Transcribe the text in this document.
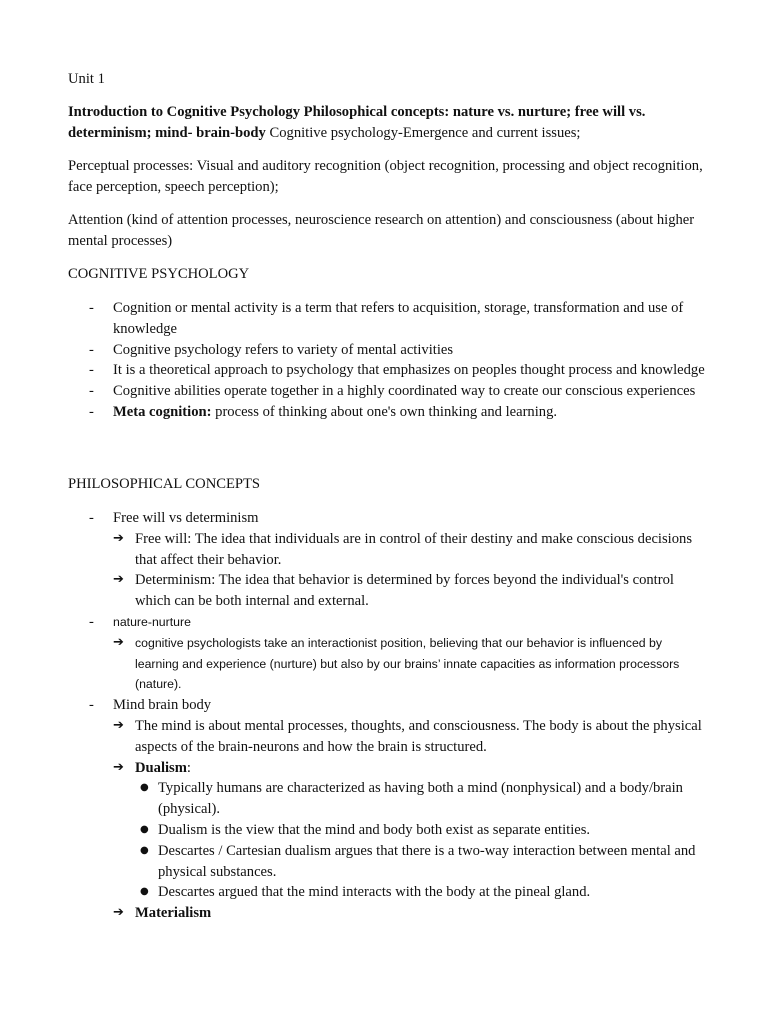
Unit 1

Introduction to Cognitive Psychology Philosophical concepts: nature vs. nurture; free will vs. determinism; mind- brain-body Cognitive psychology-Emergence and current issues;

Perceptual processes: Visual and auditory recognition (object recognition, processing and object recognition, face perception, speech perception);

Attention (kind of attention processes, neuroscience research on attention) and consciousness (about higher mental processes)

COGNITIVE PSYCHOLOGY

- Cognition or mental activity is a term that refers to acquisition, storage, transformation and use of knowledge
- Cognitive psychology refers to variety of mental activities
- It is a theoretical approach to psychology that emphasizes on peoples thought process and knowledge
- Cognitive abilities operate together in a highly coordinated way to create our conscious experiences
- Meta cognition: process of thinking about one's own thinking and learning.

PHILOSOPHICAL CONCEPTS

- Free will vs determinism
➔ Free will: The idea that individuals are in control of their destiny and make conscious decisions that affect their behavior.
➔ Determinism: The idea that behavior is determined by forces beyond the individual's control which can be both internal and external.
- nature-nurture
➔ cognitive psychologists take an interactionist position, believing that our behavior is influenced by learning and experience (nurture) but also by our brains’ innate capacities as information processors (nature).
- Mind brain body
➔ The mind is about mental processes, thoughts, and consciousness. The body is about the physical aspects of the brain-neurons and how the brain is structured.
➔ Dualism:
● Typically humans are characterized as having both a mind (nonphysical) and a body/brain (physical).
● Dualism is the view that the mind and body both exist as separate entities.
● Descartes / Cartesian dualism argues that there is a two-way interaction between mental and physical substances.
● Descartes argued that the mind interacts with the body at the pineal gland.
➔ Materialism
